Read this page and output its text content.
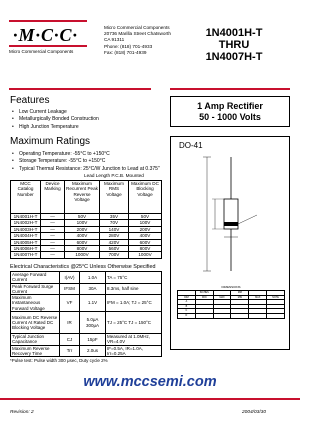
·M·C·C·
Micro Commercial Components
Micro Commercial Components
20736 Marilla Street Chatsworth
CA 91311
Phone: (818) 701-4933
Fax: (818) 701-4939
1N4001H-T
THRU
1N4007H-T
Features
• Low Current Leakage
• Metallurgically Bonded Construction
• High Junction Temperature
1 Amp Rectifier
50 - 1000 Volts
Maximum Ratings
• Operating Temperature: -55°C to +150°C
• Storage Temperature: -55°C to +150°C
• Typical Thermal Resistance: 25°C/W Junction to Lead at 0.375"
Lead Length P.C.B. Mounted
MCC Catalog Number	Device Marking	Maximum Recurrent Peak Reverse Voltage	Maximum RMS Voltage	Maximum DC Blocking Voltage
1N4001H-T	—	50V	35V	50V
1N4002H-T	—	100V	70V	100V
1N4003H-T	—	200V	140V	200V
1N4004H-T	—	400V	280V	400V
1N4005H-T	—	600V	420V	600V
1N4006H-T	—	800V	560V	800V
1N4007H-T	—	1000V	700V	1000V
Electrical Characteristics @25°C Unless Otherwise Specified
Average Forward Current	I(AV)	1.0A	TA = 75°C
Peak Forward Surge Current	IFSM	30A	8.3ms, half sine
Maximum Instantaneous Forward Voltage	VF	1.1V	IFM = 1.0A; TJ = 25°C
Maximum DC Reverse Current At Rated DC Blocking Voltage	IR	5.0μA 300μA	TJ = 25°C TJ = 150°C
Typical Junction Capacitance	CJ	15pF	Measured at 1.0MHz, VR=4.0V
Maximum Reverse Recovery Time	Trr	2.0us	IF=0.5A, IR=1.0A, Irr=0.25A
DO-41
DIMENSIONS
	INCHES		MM		
DIM	MIN	MAX	MIN	MAX	NOTE
A					
B					
C					
D					
*Pulse test: Pulse width 300 μsec, Duty cycle 2%
www.mccsemi.com
Revision: 2	2004/03/30
